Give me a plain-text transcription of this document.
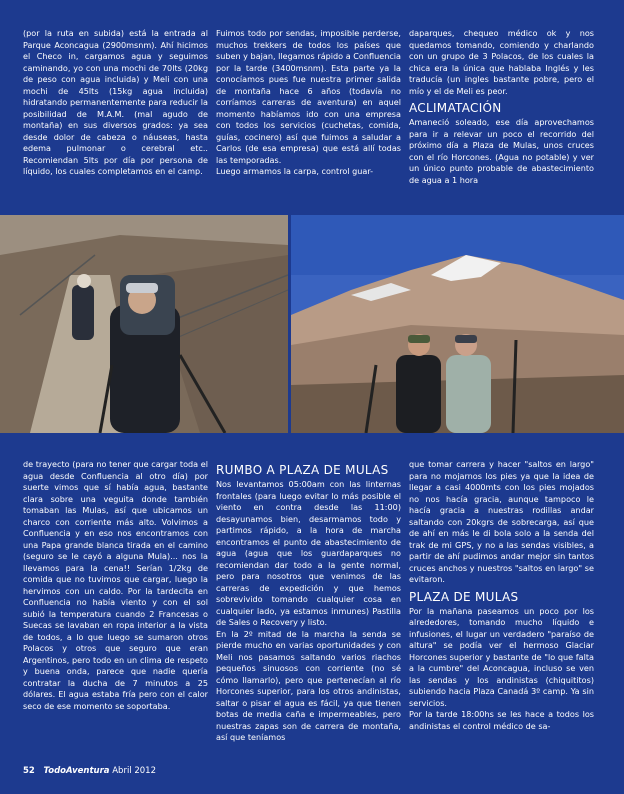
(por la ruta en subida) está la entrada al Parque Aconcagua (2900msnm). Ahí hicimos el Checo in, cargamos agua y seguimos caminando, yo con una mochi de 70lts (20kg de peso con agua incluida) y Meli con una mochi de 45lts (15kg agua incluida) hidratando permanentemente para reducir la posibilidad de M.A.M. (mal agudo de montaña) en sus diversos grados: ya sea desde dolor de cabeza o náuseas, hasta edema pulmonar o cerebral etc.. Recomiendan 5lts por día por persona de líquido, los cuales completamos en el camp.

Fuimos todo por sendas, imposible perderse, muchos trekkers de todos los países que suben y bajan, llegamos rápido a Confluencia por la tarde (3400msnm). Esta parte ya la conocíamos pues fue nuestra primer salida de montaña hace 6 años (todavía no corríamos carreras de aventura) en aquel momento habíamos ido con una empresa con todos los servicios (cuchetas, comida, guías, cocinero) así que fuimos a saludar a Carlos (de esa empresa) que está allí todas las temporadas.

Luego armamos la carpa, control guar-

daparques, chequeo médico ok y nos quedamos tomando, comiendo y charlando con un grupo de 3 Polacos, de los cuales la chica era la única que hablaba Inglés y les traducía (un ingles bastante pobre, pero el mío y el de Meli es peor.

ACLIMATACIÓN

Amaneció soleado, ese día aprovechamos para ir a relevar un poco el recorrido del próximo día a Plaza de Mulas, unos cruces con el río Horcones. (Agua no potable) y ver un único punto probable de abastecimiento de agua a 1 hora

de trayecto (para no tener que cargar toda el agua desde Confluencia al otro día) por suerte vimos que sí había agua, bastante clara sobre una veguita donde también tomaban las Mulas, así que ubicamos un charco con corriente más alto. Volvimos a Confluencia y en eso nos encontramos con una Papa grande blanca tirada en el camino (seguro se le cayó a alguna Mula)... nos la llevamos para la cena!! Serían 1/2kg de comida que no tuvimos que cargar, luego la hervimos con un caldo. Por la tardecita en Confluencia no había viento y con el sol subió la temperatura cuando 2 Francesas o Suecas se lavaban en ropa interior a la vista de todos, a lo que luego se sumaron otros Polacos y otros que seguro que eran Argentinos, pero todo en un clima de respeto y buena onda, parece que nadie quería contratar la ducha de 7 minutos a 25 dólares. El agua estaba fría pero con el calor seco de ese momento se soportaba.

RUMBO A PLAZA DE MULAS

Nos levantamos 05:00am con las linternas frontales (para luego evitar lo más posible el viento en contra desde las 11:00) desayunamos bien, desarmamos todo y partimos rápido, a la hora de marcha encontramos el punto de abastecimiento de agua (agua que los guardaparques no recomiendan dar todo a la gente normal, pero para nosotros que venimos de las carreras de expedición y que hemos sobrevivido tomando cualquier cosa en cualquier lado, ya estamos inmunes) Pastilla de Sales o Recovery y listo.

En la 2º mitad de la marcha la senda se pierde mucho en varias oportunidades y con Meli nos pasamos saltando varios riachos pequeños sinuosos con corriente (no sé cómo llamarlo), pero que pertenecían al río Horcones superior, para los otros andinistas, saltar o pisar el agua es fácil, ya que tienen botas de media caña e impermeables, pero nuestras zapas son de carrera de montaña, así que teníamos

que tomar carrera y hacer "saltos en largo" para no mojarnos los pies ya que la idea de llegar a casi 4000mts con los pies mojados no nos hacía gracia, aunque tampoco le hacía gracia a nuestras rodillas andar saltando con 20kgrs de sobrecarga, así que de ahí en más le di bola solo a la senda del trak de mi GPS, y no a las sendas visibles, a partir de ahí pudimos andar mejor sin tantos cruces anchos y nuestros "saltos en largo" se evitaron.

PLAZA DE MULAS

Por la mañana paseamos un poco por los alrededores, tomando mucho líquido e infusiones, el lugar un verdadero "paraíso de altura" se podía ver el hermoso Glaciar Horcones superior y bastante de "lo que falta a la cumbre" del Aconcagua, incluso se ven las sendas y los andinistas (chiquititos) subiendo hacia Plaza Canadá 3º camp. Ya sin servicios.

Por la tarde 18:00hs se les hace a todos los andinistas el control médico de sa-

52 TodoAventura Abril 2012
